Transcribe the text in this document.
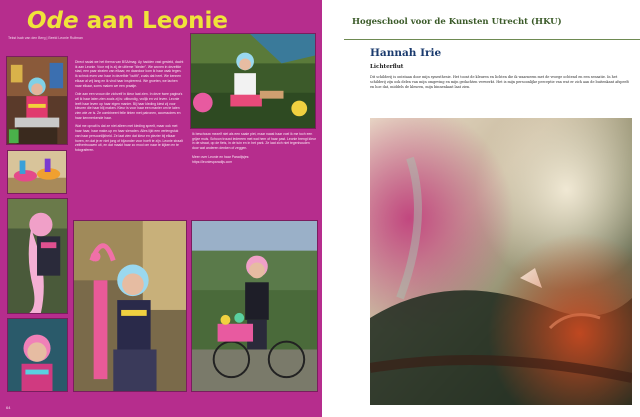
Ode aan Leonie
Tekst Isab van den Berg | Beeld Leonie Ruitman

Direct nadat we het thema van BSA/mag. Ay hadden vast gesteld, dacht ik aan Leonie. Voor mij is zij de ultieme "kleder". We wonen in dezelfde stad, een paar straten van elkaar, en daardoor kom ik haar vaak tegen. Ik schrok even van haar in dezelfde "outfit", zoals dat heet. We kennen elkaar al vrij lang en ik vind haar inspirerend. We groeten, we lachen naar elkaar, soms maken we een praatje.

Ode aan een vrouw die zichzelf in kleur laat zien. In deze twee pagina's wil ik haar laten zien zoals zij is: uitbundig, vrolijk en vol leven. Leonie leeft haar leven op haar eigen manier. Bij haar kleding kiest zij voor kleuren die haar blij maken. Kleur is voor haar een manier om te laten zien wie ze is. Ze combineert felle tinten met patronen, accessoires en haar kenmerkende haar.

Wat me opvalt is dat ze niet alleen met kleding speelt, maar ook met haar haar, haar make-up en haar sieraden. Alles lijkt een verlengstuk van haar persoonlijkheid. Ze laat zien dat kleur en plezier bij elkaar horen, en dat je er niet jong of bijzonder voor hoeft te zijn. Leonie straalt zelfvertrouwen uit, en dat maakt haar zo mooi om naar te kijken en te fotograferen.

Ik beschouw mezelf niet als een saaie piet, maar naast haar voel ik me toch een grijze muis. Schoon trouwt iedereen met wat hem of haar past. Leonie brengt kleur in de straat, op de fiets, in de tuin en in het park. Ze laat zich niet tegenhouden door wat anderen denken of zeggen.

Meer over Leonie en haar Paradijsjes:

https://leoniesparadijs.com

64
Hogeschool voor de Kunsten Utrecht (HKU)
Hannah Irie
Lichterflut
Dit schilderij is ontstaan door mijn synesthesie. Het toont de kleuren en lichten die ik waarneem met de vroege ochtend en een sensatie. In het schilderij zijn ook delen van mijn omgeving en mijn gedachten verwerkt. Het is mijn persoonlijke perceptie van wat er zich aan de buitenkant afspeelt en hoe dat, middels de kleuren, mijn binnenkant laat zien.
